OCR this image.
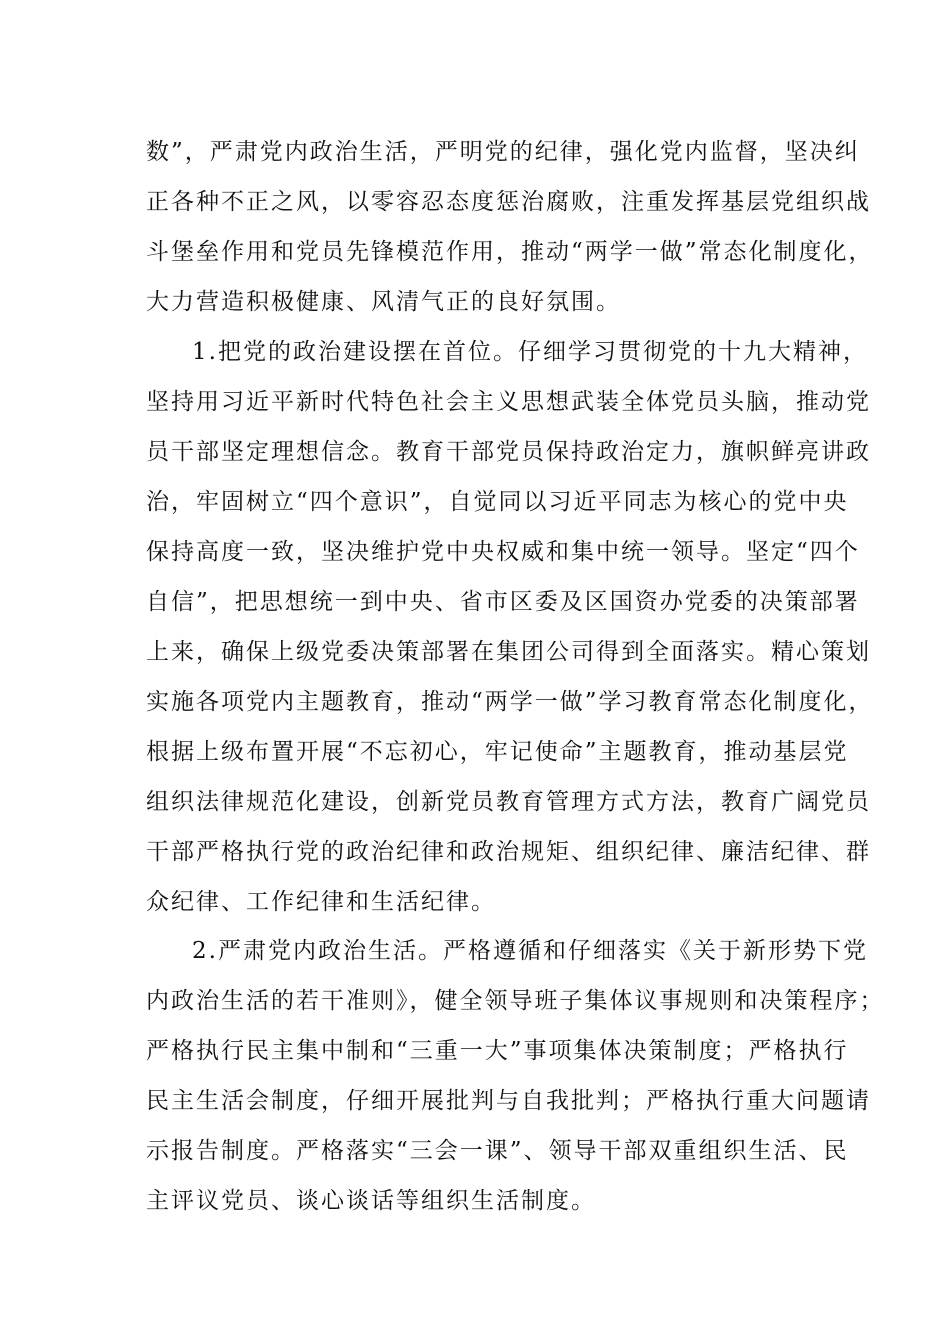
数”，严肃党内政治生活，严明党的纪律，强化党内监督，坚决纠
正各种不正之风，以零容忍态度惩治腐败，注重发挥基层党组织战
斗堡垒作用和党员先锋模范作用，推动“两学一做”常态化制度化，
大力营造积极健康、风清气正的良好氛围。
1.把党的政治建设摆在首位。仔细学习贯彻党的十九大精神，
坚持用习近平新时代特色社会主义思想武装全体党员头脑，推动党
员干部坚定理想信念。教育干部党员保持政治定力，旗帜鲜亮讲政
治，牢固树立“四个意识”，自觉同以习近平同志为核心的党中央
保持高度一致，坚决维护党中央权威和集中统一领导。坚定“四个
自信”，把思想统一到中央、省市区委及区国资办党委的决策部署
上来，确保上级党委决策部署在集团公司得到全面落实。精心策划
实施各项党内主题教育，推动“两学一做”学习教育常态化制度化，
根据上级布置开展“不忘初心，牢记使命”主题教育，推动基层党
组织法律规范化建设，创新党员教育管理方式方法，教育广阔党员
干部严格执行党的政治纪律和政治规矩、组织纪律、廉洁纪律、群
众纪律、工作纪律和生活纪律。
2.严肃党内政治生活。严格遵循和仔细落实《关于新形势下党
内政治生活的若干准则》，健全领导班子集体议事规则和决策程序；
严格执行民主集中制和“三重一大”事项集体决策制度；严格执行
民主生活会制度，仔细开展批判与自我批判；严格执行重大问题请
示报告制度。严格落实“三会一课”、领导干部双重组织生活、民
主评议党员、谈心谈话等组织生活制度。
